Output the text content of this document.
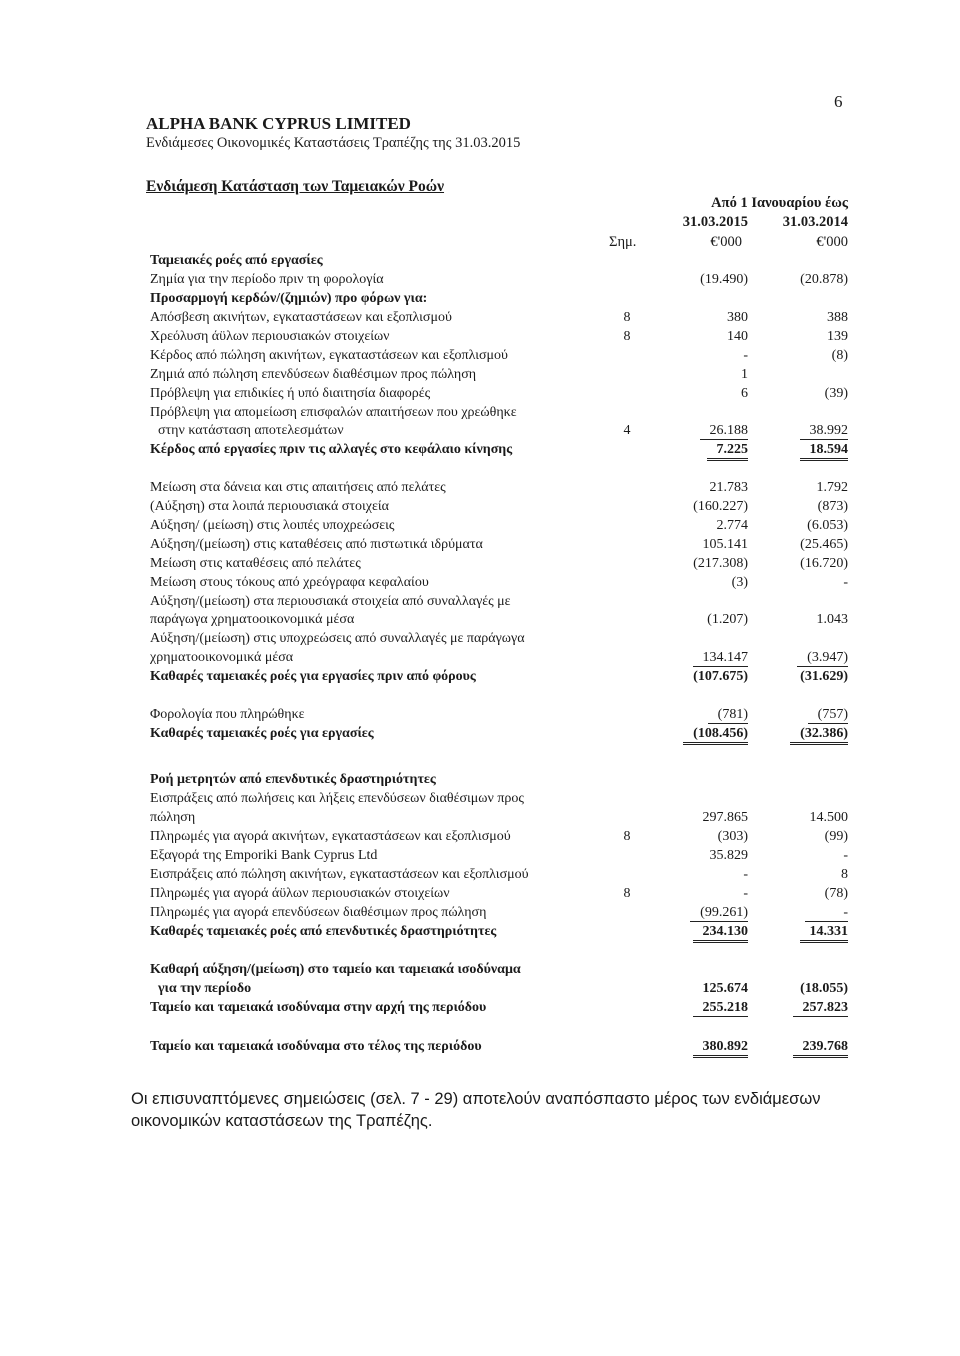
6
ALPHA BANK CYPRUS LIMITED
Ενδιάμεσες Οικονομικές Καταστάσεις Τραπέζης της 31.03.2015
Ενδιάμεση Κατάσταση των Ταμειακών Ροών
Από 1 Ιανουαρίου έως
31.03.2015 31.03.2014
Σημ.	€'000	€'000
Ταμειακές ροές από εργασίες
Ζημία για την περίοδο πριν τη φορολογία	(19.490)	(20.878)
Προσαρμογή κερδών/(ζημιών) προ φόρων για:
Απόσβεση ακινήτων, εγκαταστάσεων και εξοπλισμού	8	380	388
Χρεόλυση άϋλων περιουσιακών στοιχείων	8	140	139
Κέρδος από πώληση ακινήτων, εγκαταστάσεων και εξοπλισμού	-	(8)
Ζημιά από πώληση επενδύσεων διαθέσιμων προς πώληση	1
Πρόβλεψη για επιδικίες ή υπό διαιτησία διαφορές	6	(39)
Πρόβλεψη για απομείωση επισφαλών απαιτήσεων που χρεώθηκε
στην κατάσταση αποτελεσμάτων	4	26.188	38.992
Κέρδος από εργασίες πριν τις αλλαγές στο κεφάλαιο κίνησης	7.225	18.594
Μείωση στα δάνεια και στις απαιτήσεις από πελάτες	21.783	1.792
(Αύξηση) στα λοιπά περιουσιακά στοιχεία	(160.227)	(873)
Αύξηση/ (μείωση) στις λοιπές υποχρεώσεις	2.774	(6.053)
Αύξηση/(μείωση) στις καταθέσεις από πιστωτικά ιδρύματα	105.141	(25.465)
Μείωση στις καταθέσεις από πελάτες	(217.308)	(16.720)
Μείωση στους τόκους από χρεόγραφα κεφαλαίου	(3)	-
Αύξηση/(μείωση) στα περιουσιακά στοιχεία από συναλλαγές με
παράγωγα χρηματοοικονομικά μέσα	(1.207)	1.043
Αύξηση/(μείωση) στις υποχρεώσεις από συναλλαγές με παράγωγα
χρηματοοικονομικά μέσα	134.147	(3.947)
Καθαρές ταμειακές ροές για εργασίες πριν από φόρους	(107.675)	(31.629)
Φορολογία που πληρώθηκε	(781)	(757)
Καθαρές ταμειακές ροές για εργασίες	(108.456)	(32.386)
Ροή μετρητών από επενδυτικές δραστηριότητες
Εισπράξεις από πωλήσεις και λήξεις επενδύσεων διαθέσιμων προς
πώληση	297.865	14.500
Πληρωμές για αγορά ακινήτων, εγκαταστάσεων και εξοπλισμού	8	(303)	(99)
Εξαγορά της Emporiki Bank Cyprus Ltd	35.829	-
Εισπράξεις από πώληση ακινήτων, εγκαταστάσεων και εξοπλισμού	-	8
Πληρωμές για αγορά άϋλων περιουσιακών στοιχείων	8	-	(78)
Πληρωμές για αγορά επενδύσεων διαθέσιμων προς πώληση	(99.261)	-
Καθαρές ταμειακές ροές από επενδυτικές δραστηριότητες	234.130	14.331
Καθαρή αύξηση/(μείωση) στο ταμείο και ταμειακά ισοδύναμα
για την περίοδο	125.674	(18.055)
Ταμείο και ταμειακά ισοδύναμα στην αρχή της περιόδου	255.218	257.823
Ταμείο και ταμειακά ισοδύναμα στο τέλος της περιόδου	380.892	239.768
Οι επισυναπτόμενες σημειώσεις (σελ. 7 - 29) αποτελούν αναπόσπαστο μέρος των ενδιάμεσων οικονομικών καταστάσεων της Τραπέζης.
